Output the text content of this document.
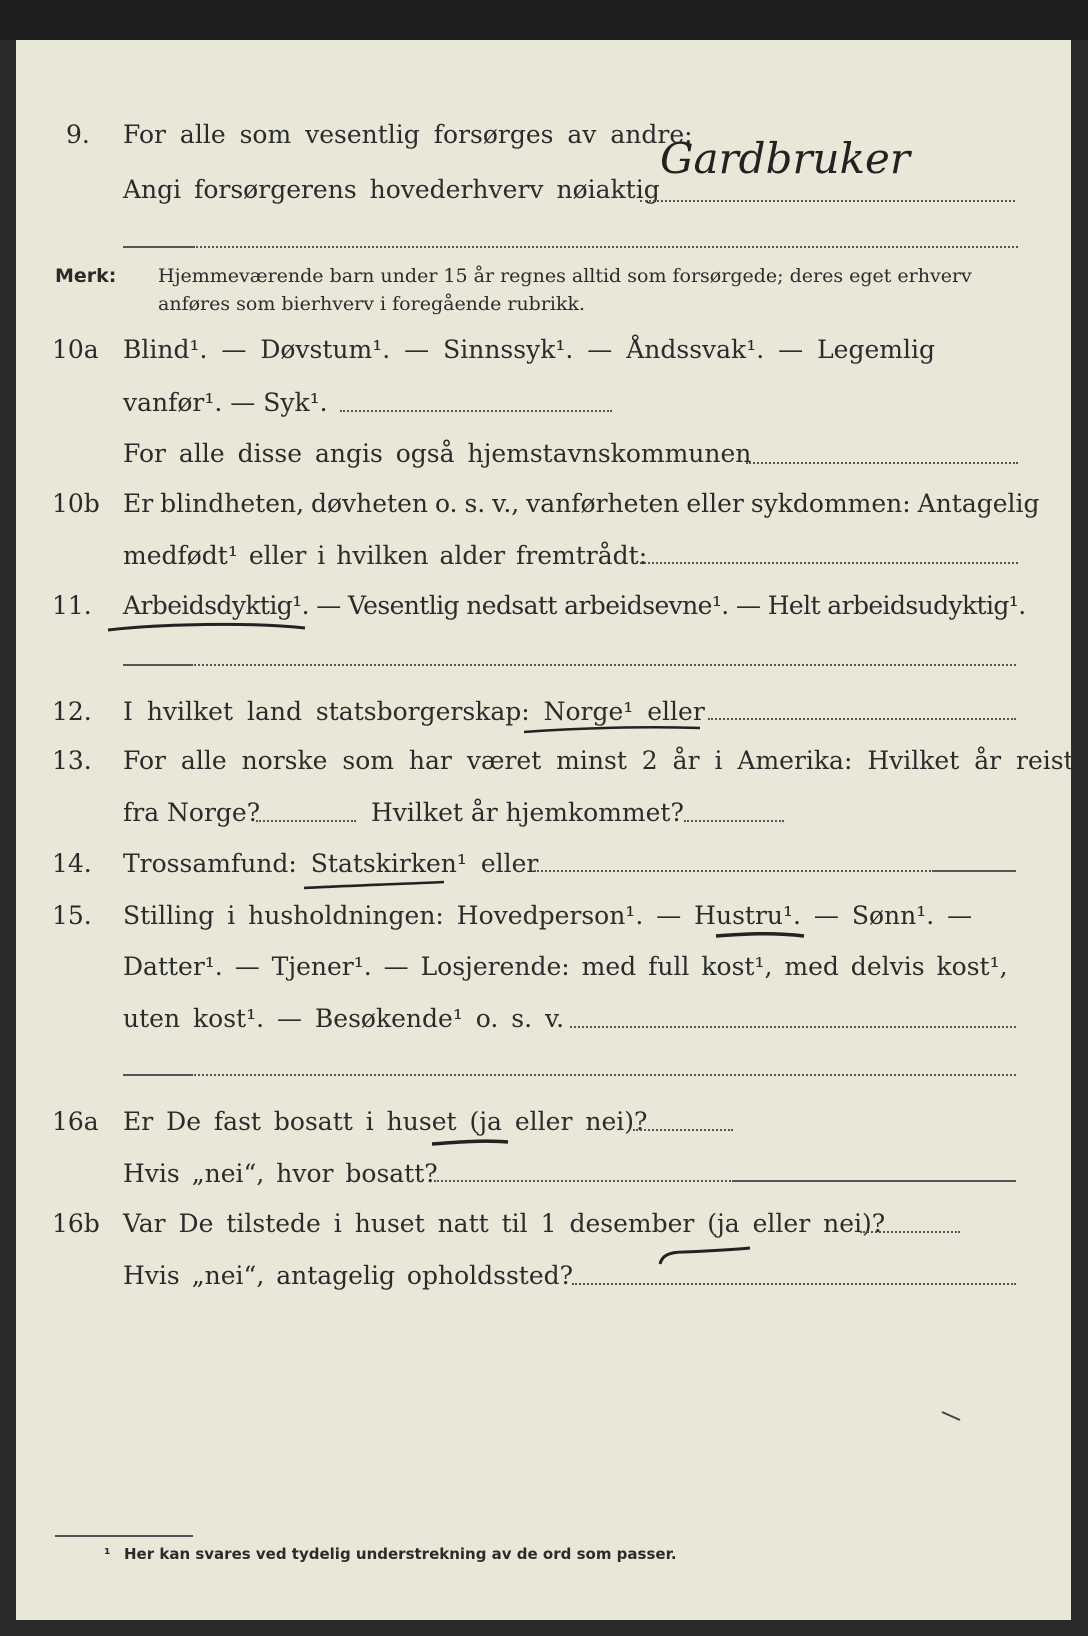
9. For alle som vesentlig forsørges av andre:
Angi forsørgerens hovederhverv nøiaktig
Gardbruker
Merk: Hjemmeværende barn under 15 år regnes alltid som forsørgede; deres eget erhverv
anføres som bierhverv i foregående rubrikk.
10a Blind¹. — Døvstum¹. — Sinnssyk¹. — Åndssvak¹. — Legemlig
vanfør¹. — Syk¹.
For alle disse angis også hjemstavnskommunen
10b Er blindheten, døvheten o. s. v., vanførheten eller sykdommen: Antagelig
medfødt¹ eller i hvilken alder fremtrådt:
11. Arbeidsdyktig¹. — Vesentlig nedsatt arbeidsevne¹. — Helt arbeidsudyktig¹.
12. I hvilket land statsborgerskap: Norge¹ eller
13. For alle norske som har været minst 2 år i Amerika: Hvilket år reist
fra Norge?	Hvilket år hjemkommet?
14. Trossamfund: Statskirken¹ eller
15. Stilling i husholdningen: Hovedperson¹. — Hustru¹. — Sønn¹. —
Datter¹. — Tjener¹. — Losjerende: med full kost¹, med delvis kost¹,
uten kost¹. — Besøkende¹ o. s. v.
16a Er De fast bosatt i huset (ja eller nei)?
Hvis „nei“, hvor bosatt?
16b Var De tilstede i huset natt til 1 desember (ja eller nei)?
Hvis „nei“, antagelig opholdssted?
¹ Her kan svares ved tydelig understrekning av de ord som passer.
